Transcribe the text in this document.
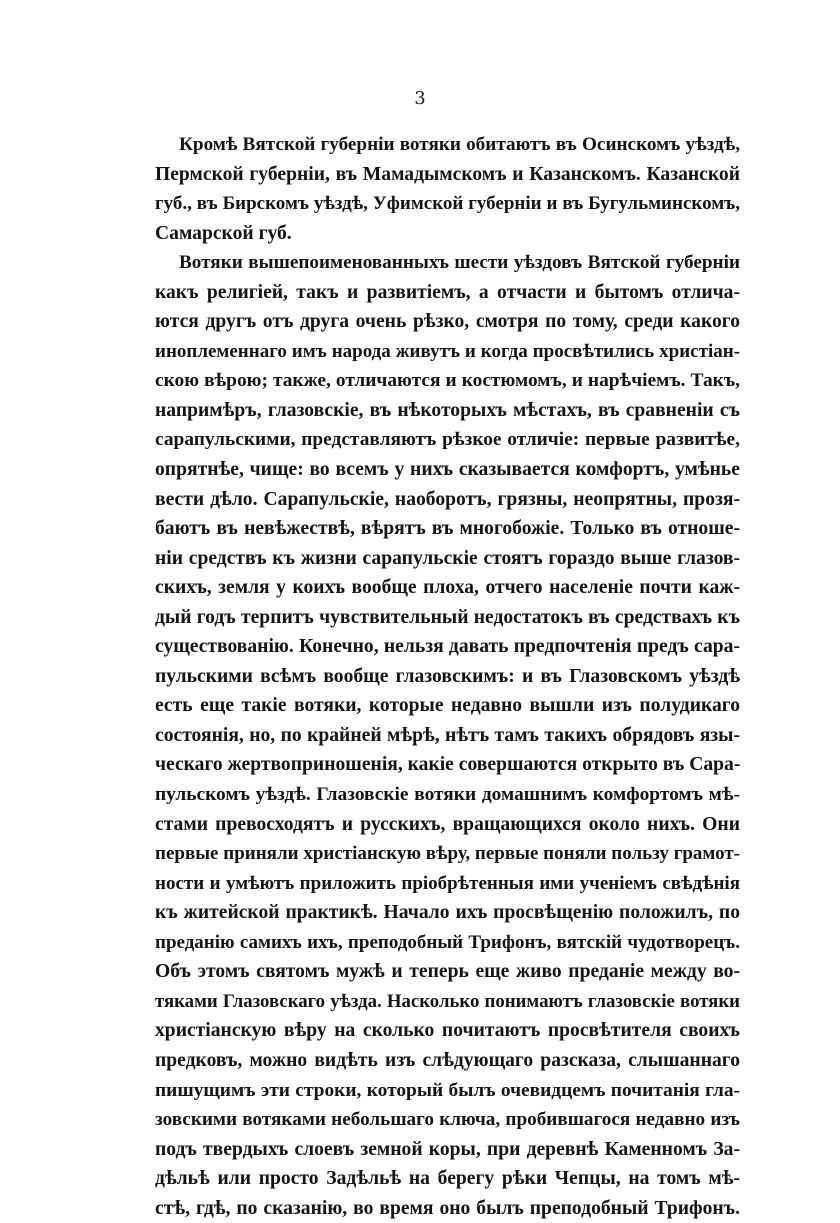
3
Кромѣ Вятской губерніи вотяки обитаютъ въ Осинскомъ уѣздѣ,
Пермской губерніи, въ Мамадымскомъ и Казанскомъ. Казанской
губ., въ Бирскомъ уѣздѣ, Уфимской губерніи и въ Бугульминскомъ,
Самарской губ.
Вотяки вышепоименованныхъ шести уѣздовъ Вятской губерніи
какъ религіей, такъ и развитіемъ, а отчасти и бытомъ отлича-
ются другъ отъ друга очень рѣзко, смотря по тому, среди какого
иноплеменнаго имъ народа живутъ и когда просвѣтились христіан-
скою вѣрою; также, отличаются и костюмомъ, и нарѣчіемъ. Такъ,
напримѣръ, глазовскіе, въ нѣкоторыхъ мѣстахъ, въ сравненіи съ
сарапульскими, представляютъ рѣзкое отличіе: первые развитѣе,
опрятнѣе, чище: во всемъ у нихъ сказывается комфортъ, умѣнье
вести дѣло. Сарапульскіе, наоборотъ, грязны, неопрятны, прозя-
баютъ въ невѣжествѣ, вѣрятъ въ многобожіе. Только въ отноше-
ніи средствъ къ жизни сарапульскіе стоятъ гораздо выше глазов-
скихъ, земля у коихъ вообще плоха, отчего населеніе почти каж-
дый годъ терпитъ чувствительный недостатокъ въ средствахъ къ
существованію. Конечно, нельзя давать предпочтенія предъ сара-
пульскими всѣмъ вообще глазовскимъ: и въ Глазовскомъ уѣздѣ
есть еще такіе вотяки, которые недавно вышли изъ полудикаго
состоянія, но, по крайней мѣрѣ, нѣтъ тамъ такихъ обрядовъ язы-
ческаго жертвоприношенія, какіе совершаются открыто въ Сара-
пульскомъ уѣздѣ. Глазовскіе вотяки домашнимъ комфортомъ мѣ-
стами превосходятъ и русскихъ, вращающихся около нихъ. Они
первые приняли христіанскую вѣру, первые поняли пользу грамот-
ности и умѣютъ приложить пріобрѣтенныя ими ученіемъ свѣдѣнія
къ житейской практикѣ. Начало ихъ просвѣщенію положилъ, по
преданію самихъ ихъ, преподобный Трифонъ, вятскій чудотворецъ.
Объ этомъ святомъ мужѣ и теперь еще живо преданіе между во-
тяками Глазовскаго уѣзда. Насколько понимаютъ глазовскіе вотяки
христіанскую вѣру на сколько почитаютъ просвѣтителя своихъ
предковъ, можно видѣть изъ слѣдующаго разсказа, слышаннаго
пишущимъ эти строки, который былъ очевидцемъ почитанія гла-
зовскими вотяками небольшаго ключа, пробившагося недавно изъ
подъ твердыхъ слоевъ земной коры, при деревнѣ Каменномъ За-
дѣльѣ или просто Задѣльѣ на берегу рѣки Чепцы, на томъ мѣ-
стѣ, гдѣ, по сказанію, во время оно былъ преподобный Трифонъ.
